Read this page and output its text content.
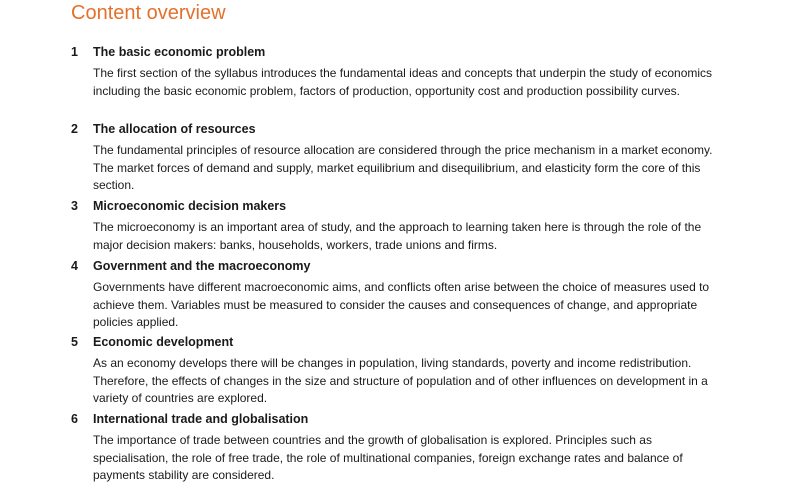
Content overview
1 The basic economic problem
The first section of the syllabus introduces the fundamental ideas and concepts that underpin the study of economics including the basic economic problem, factors of production, opportunity cost and production possibility curves.
2 The allocation of resources
The fundamental principles of resource allocation are considered through the price mechanism in a market economy. The market forces of demand and supply, market equilibrium and disequilibrium, and elasticity form the core of this section.
3 Microeconomic decision makers
The microeconomy is an important area of study, and the approach to learning taken here is through the role of the major decision makers: banks, households, workers, trade unions and firms.
4 Government and the macroeconomy
Governments have different macroeconomic aims, and conflicts often arise between the choice of measures used to achieve them. Variables must be measured to consider the causes and consequences of change, and appropriate policies applied.
5 Economic development
As an economy develops there will be changes in population, living standards, poverty and income redistribution. Therefore, the effects of changes in the size and structure of population and of other influences on development in a variety of countries are explored.
6 International trade and globalisation
The importance of trade between countries and the growth of globalisation is explored. Principles such as specialisation, the role of free trade, the role of multinational companies, foreign exchange rates and balance of payments stability are considered.
